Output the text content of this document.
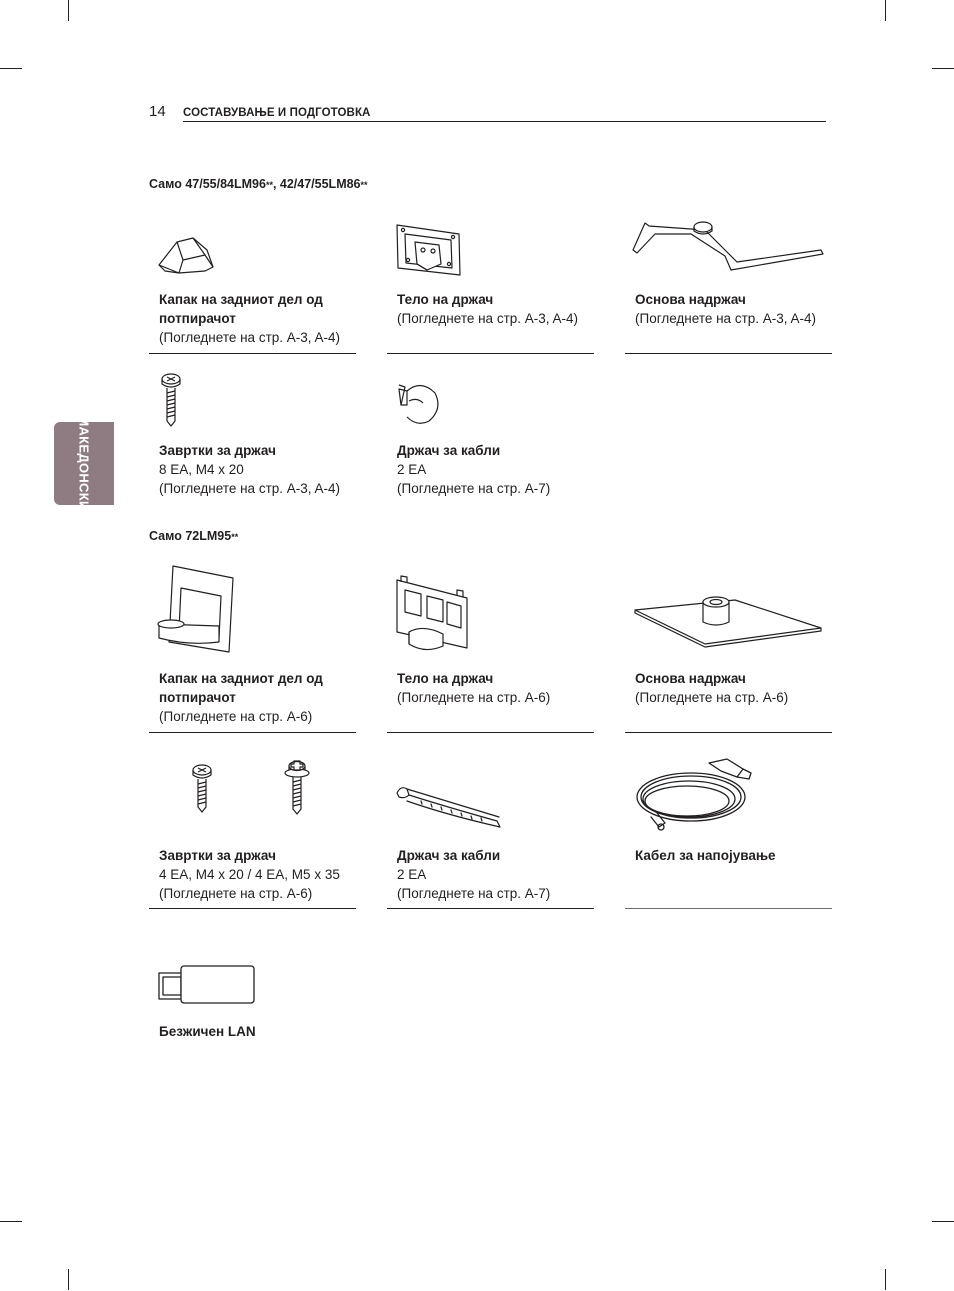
14 СОСТАВУВАЊЕ И ПОДГОТОВКА
МАКЕДОНСКИ
Само 47/55/84LM96**, 42/47/55LM86**
Само 72LM95**
Капак на задниот дел од потпирачот
(Погледнете на стр. A-3, A-4)
Тело на држач
(Погледнете на стр. A-3, A-4)
Основа надржач
(Погледнете на стр. A-3, A-4)
Завртки за држач
8 EA, M4 x 20
(Погледнете на стр. A-3, A-4)
Држач за кабли
2 EA
(Погледнете на стр. A-7)
Капак на задниот дел од потпирачот
(Погледнете на стр. A-6)
Тело на држач
(Погледнете на стр. A-6)
Основа надржач
(Погледнете на стр. A-6)
Завртки за држач
4 EA, M4 x 20 / 4 EA, M5 x 35
(Погледнете на стр. A-6)
Држач за кабли
2 EA
(Погледнете на стр. A-7)
Кабел за напојување
Безжичен LAN
